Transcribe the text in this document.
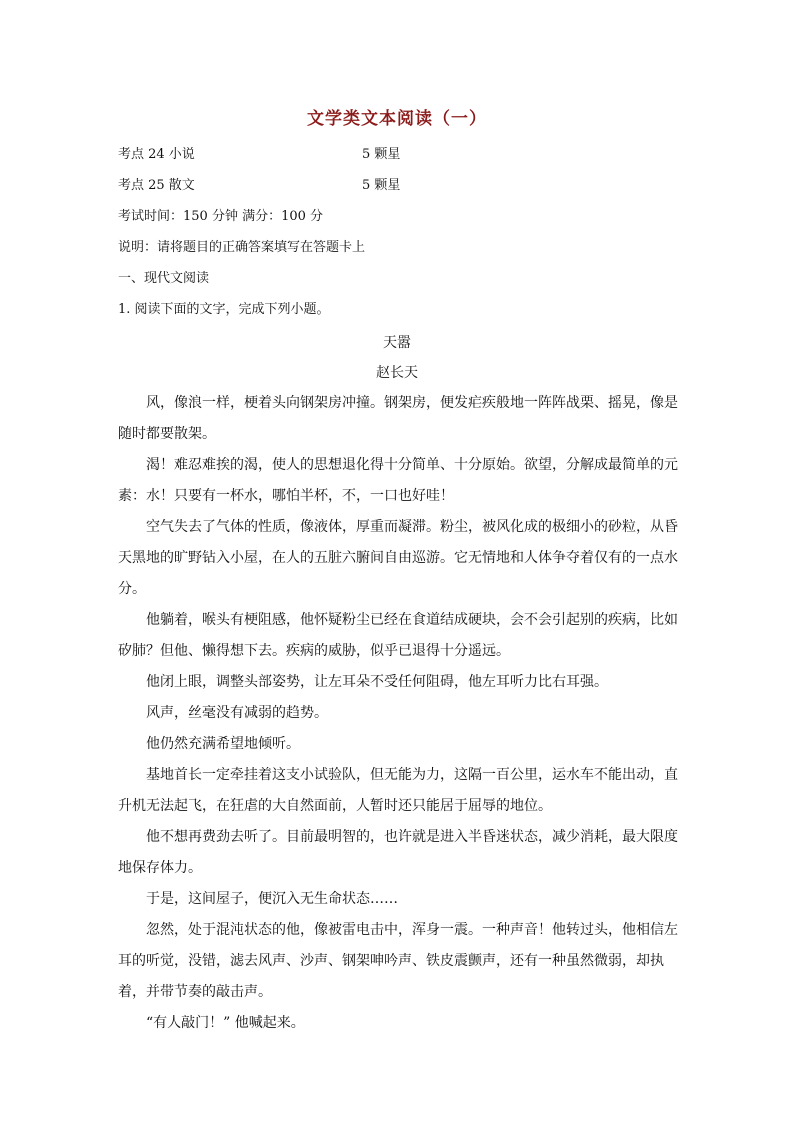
文学类文本阅读（一）
考点 24 小说	5 颗星
考点 25 散文	5 颗星
考试时间：150 分钟 满分：100 分
说明：请将题目的正确答案填写在答题卡上
一、现代文阅读
1. 阅读下面的文字，完成下列小题。
天嚣
赵长天

风，像浪一样，梗着头向钢架房冲撞。钢架房，便发疟疾般地一阵阵战栗、摇晃，像是随时都要散架。

渴！难忍难挨的渴，使人的思想退化得十分简单、十分原始。欲望，分解成最简单的元素：水！只要有一杯水，哪怕半杯，不，一口也好哇！

空气失去了气体的性质，像液体，厚重而凝滞。粉尘，被风化成的极细小的砂粒，从昏天黑地的旷野钻入小屋，在人的五脏六腑间自由巡游。它无情地和人体争夺着仅有的一点水分。

他躺着，喉头有梗阻感，他怀疑粉尘已经在食道结成硬块，会不会引起别的疾病，比如矽肺？但他、懒得想下去。疾病的威胁，似乎已退得十分遥远。

他闭上眼，调整头部姿势，让左耳朵不受任何阻碍，他左耳听力比右耳强。

风声，丝毫没有减弱的趋势。

他仍然充满希望地倾听。

基地首长一定牵挂着这支小试验队，但无能为力，这隔一百公里，运水车不能出动，直升机无法起飞，在狂虐的大自然面前，人暂时还只能居于屈辱的地位。

他不想再费劲去听了。目前最明智的，也许就是进入半昏迷状态，减少消耗，最大限度地保存体力。

于是，这间屋子，便沉入无生命状态……

忽然，处于混沌状态的他，像被雷电击中，浑身一震。一种声音！他转过头，他相信左耳的听觉，没错，滤去风声、沙声、钢架呻吟声、铁皮震颤声，还有一种虽然微弱，却执着，并带节奏的敲击声。

“有人敲门！” 他喊起来。
